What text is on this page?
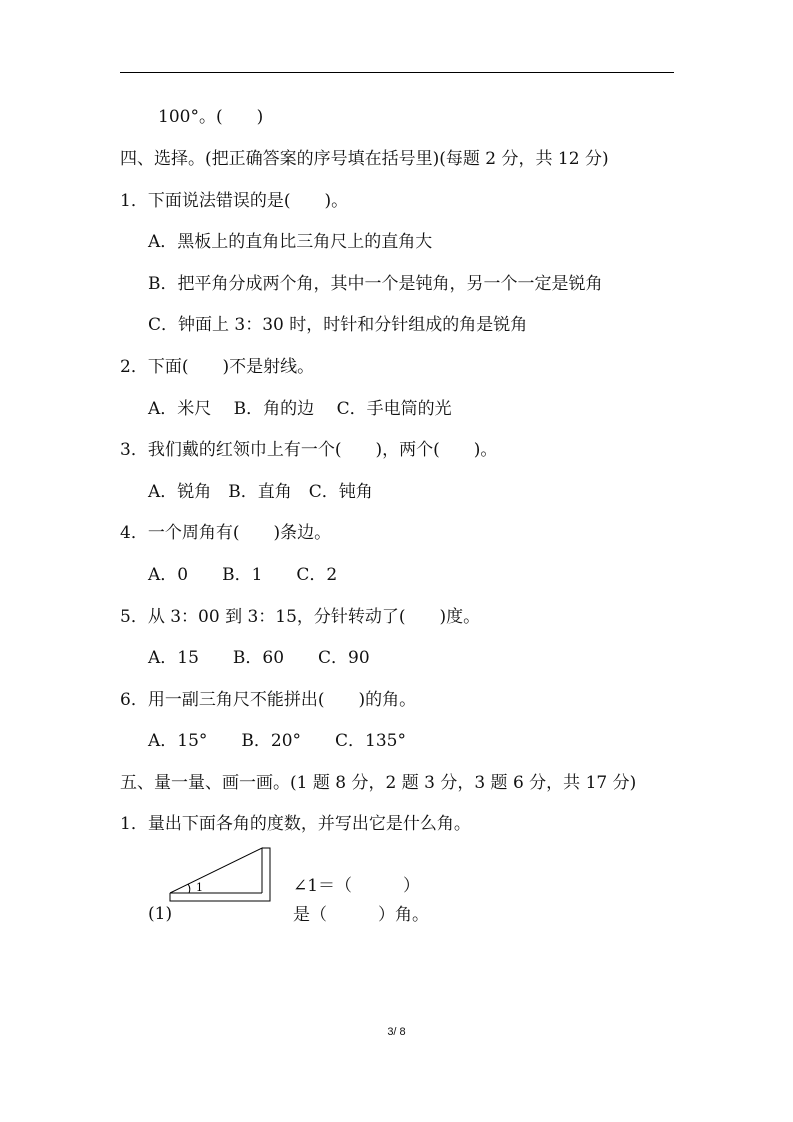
100°。(　　)
四、选择。(把正确答案的序号填在括号里)(每题 2 分，共 12 分)
1．下面说法错误的是(　　)。
A．黑板上的直角比三角尺上的直角大
B．把平角分成两个角，其中一个是钝角，另一个一定是锐角
C．钟面上 3：30 时，时针和分针组成的角是锐角
2．下面(　　)不是射线。
A．米尺　 B．角的边　 C．手电筒的光
3．我们戴的红领巾上有一个(　　)，两个(　　)。
A．锐角　B．直角　C．钝角
4．一个周角有(　　)条边。
A．0　　B．1　　C．2
5．从 3：00 到 3：15，分针转动了(　　)度。
A．15　　B．60　　C．90
6．用一副三角尺不能拼出(　　)的角。
A．15°　　B．20°　　C．135°
五、量一量、画一画。(1 题 8 分，2 题 3 分，3 题 6 分，共 17 分)
1．量出下面各角的度数，并写出它是什么角。
1
(1)
∠1＝（　　　）
是（　　　）角。
3/ 8
